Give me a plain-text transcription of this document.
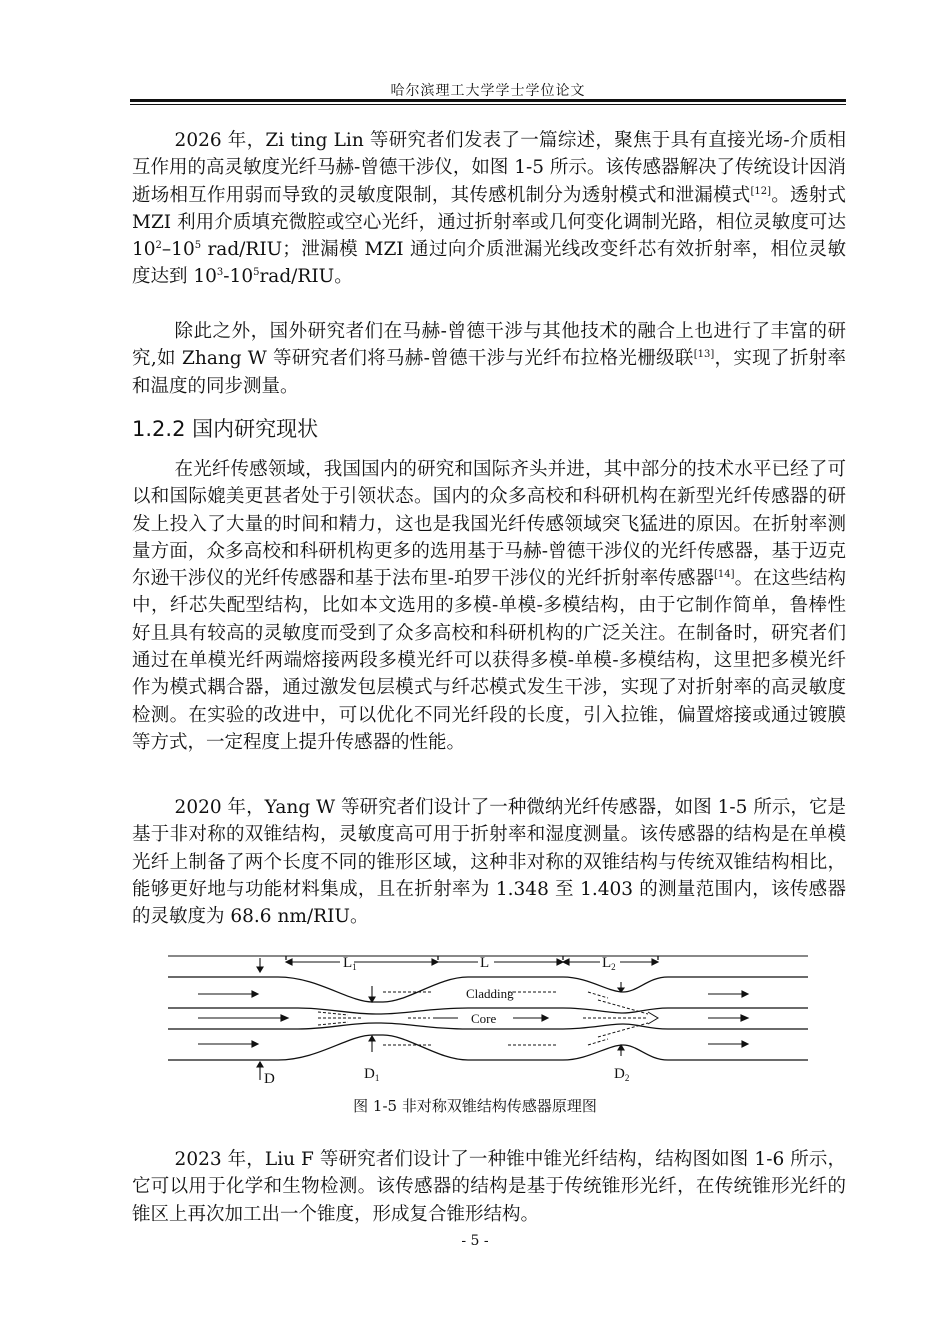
哈尔滨理工大学学士学位论文

2026 年，Zi ting Lin 等研究者们发表了一篇综述，聚焦于具有直接光场-介质相互作用的高灵敏度光纤马赫-曾德干涉仪，如图 1-5 所示。该传感器解决了传统设计因消逝场相互作用弱而导致的灵敏度限制，其传感机制分为透射模式和泄漏模式[12]。透射式 MZI 利用介质填充微腔或空心光纤，通过折射率或几何变化调制光路，相位灵敏度可达 $10^2-10^5$ rad/RIU；泄漏模 MZI 通过向介质泄漏光线改变纤芯有效折射率，相位灵敏度达到 $10^3-10^5rad$/RIU。

除此之外，国外研究者们在马赫-曾德干涉与其他技术的融合上也进行了丰富的研究,如 Zhang W 等研究者们将马赫-曾德干涉与光纤布拉格光栅级联[13]，实现了折射率和温度的同步测量。

1.2.2 国内研究现状

在光纤传感领域，我国国内的研究和国际齐头并进，其中部分的技术水平已经了可以和国际媲美更甚者处于引领状态。国内的众多高校和科研机构在新型光纤传感器的研发上投入了大量的时间和精力，这也是我国光纤传感领域突飞猛进的原因。在折射率测量方面，众多高校和科研机构更多的选用基于马赫-曾德干涉仪的光纤传感器，基于迈克尔逊干涉仪的光纤传感器和基于法布里-珀罗干涉仪的光纤折射率传感器[14]。在这些结构中，纤芯失配型结构，比如本文选用的多模-单模-多模结构，由于它制作简单，鲁棒性好且具有较高的灵敏度而受到了众多高校和科研机构的广泛关注。在制备时，研究者们通过在单模光纤两端熔接两段多模光纤可以获得多模-单模-多模结构，这里把多模光纤作为模式耦合器，通过激发包层模式与纤芯模式发生干涉，实现了对折射率的高灵敏度检测。在实验的改进中，可以优化不同光纤段的长度，引入拉锥，偏置熔接或通过镀膜等方式，一定程度上提升传感器的性能。

2020 年，Yang W 等研究者们设计了一种微纳光纤传感器，如图 1-5 所示，它是基于非对称的双锥结构，灵敏度高可用于折射率和湿度测量。该传感器的结构是在单模光纤上制备了两个长度不同的锥形区域，这种非对称的双锥结构与传统双锥结构相比，能够更好地与功能材料集成，且在折射率为 1.348 至 1.403 的测量范围内，该传感器的灵敏度为 68.6 nm/RIU。

$L_1$	L	$L_2$
Cladding
Core
D	$D_1$	$D_2$
图 1-5 非对称双锥结构传感器原理图

2023 年，Liu F 等研究者们设计了一种锥中锥光纤结构，结构图如图 1-6 所示，它可以用于化学和生物检测。该传感器的结构是基于传统锥形光纤，在传统锥形光纤的锥区上再次加工出一个锥度，形成复合锥形结构。

- 5 -
